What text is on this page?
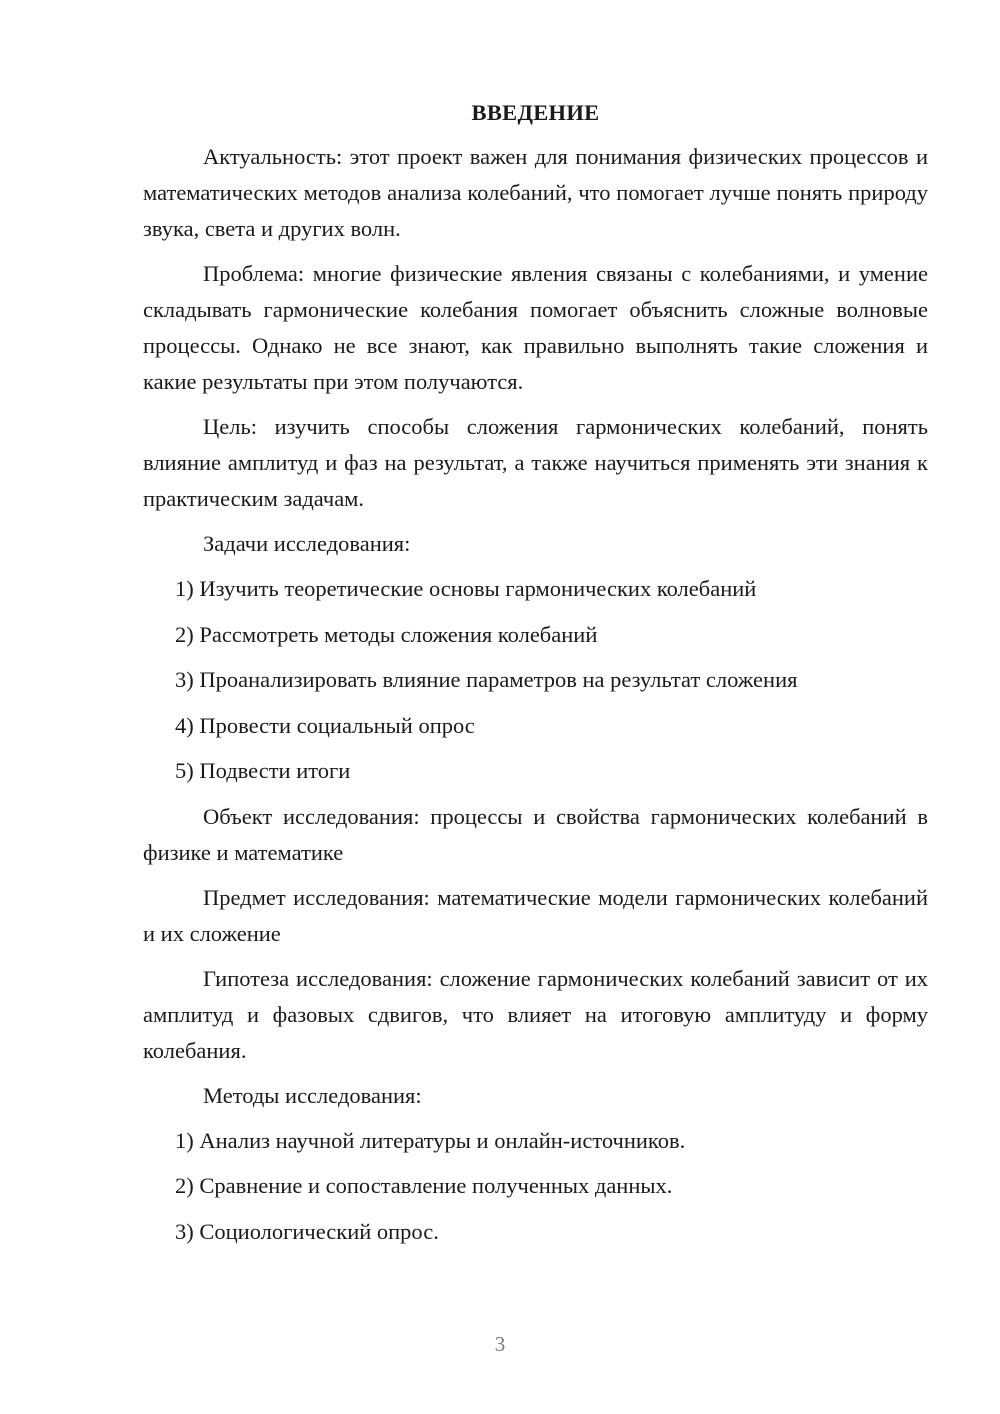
ВВЕДЕНИЕ

Актуальность: этот проект важен для понимания физических процессов и математических методов анализа колебаний, что помогает лучше понять природу звука, света и других волн.

Проблема: многие физические явления связаны с колебаниями, и умение складывать гармонические колебания помогает объяснить сложные волновые процессы. Однако не все знают, как правильно выполнять такие сложения и какие результаты при этом получаются.

Цель: изучить способы сложения гармонических колебаний, понять влияние амплитуд и фаз на результат, а также научиться применять эти знания к практическим задачам.

Задачи исследования:

1) Изучить теоретические основы гармонических колебаний
2) Рассмотреть методы сложения колебаний
3) Проанализировать влияние параметров на результат сложения
4) Провести социальный опрос
5) Подвести итоги

Объект исследования: процессы и свойства гармонических колебаний в физике и математике

Предмет исследования: математические модели гармонических колебаний и их сложение

Гипотеза исследования: сложение гармонических колебаний зависит от их амплитуд и фазовых сдвигов, что влияет на итоговую амплитуду и форму колебания.

Методы исследования:

1) Анализ научной литературы и онлайн-источников.
2) Сравнение и сопоставление полученных данных.
3) Социологический опрос.
3
